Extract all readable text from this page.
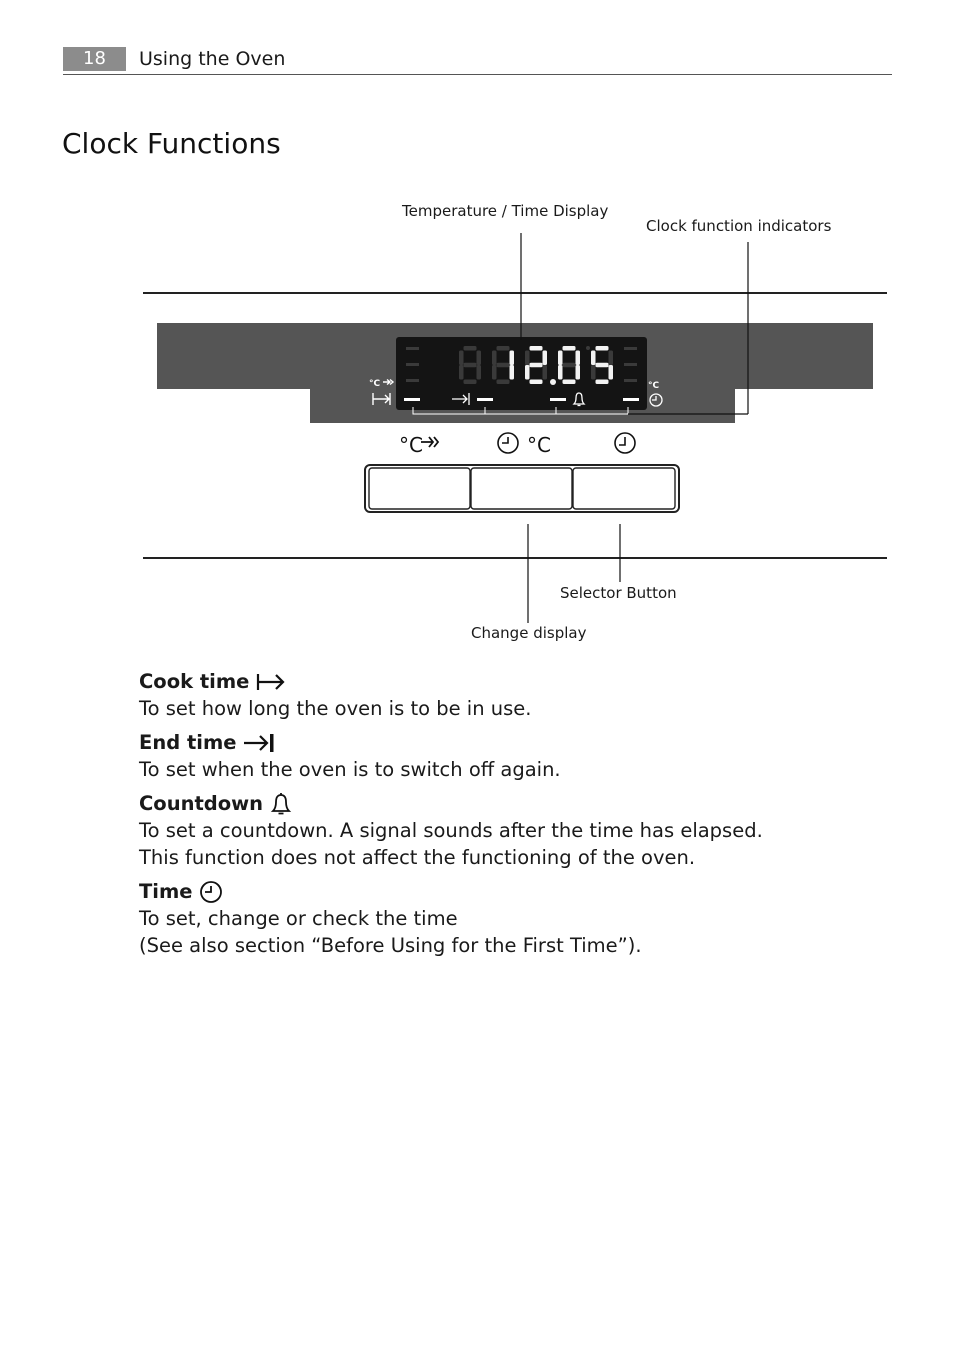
18	Using the Oven
Clock Functions
Temperature / Time Display
Clock function indicators
Selector Button
Change display
°C	°C
°C	°C
Cook time
To set how long the oven is to be in use.
End time
To set when the oven is to switch off again.
Countdown
To set a countdown. A signal sounds after the time has elapsed.
This function does not affect the functioning of the oven.
Time
To set, change or check the time
(See also section “Before Using for the First Time”).
